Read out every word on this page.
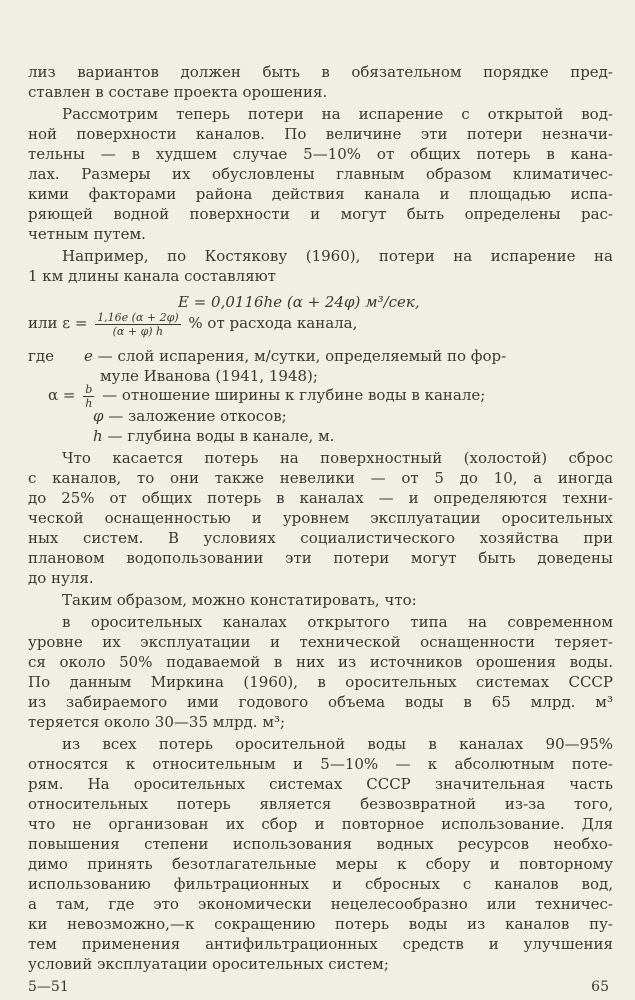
лиз вариантов должен быть в обязательном порядке пред-
ставлен в составе проекта орошения.
Рассмотрим теперь потери на испарение с открытой вод-
ной поверхности каналов. По величине эти потери незначи-
тельны — в худшем случае 5—10% от общих потерь в кана-
лах. Размеры их обусловлены главным образом климатичес-
кими факторами района действия канала и площадью испа-
ряющей водной поверхности и могут быть определены рас-
четным путем.
Например, по Костякову (1960), потери на испарение на
1 км длины канала составляют
E = 0,0116he (α + 24φ) м³/сек,
или $\varepsilon = \frac{1,16e (\alpha + 2\varphi)}{(\alpha + \varphi) h}$ % от расхода канала,
где e — слой испарения, м/сутки, определяемый по фор-
муле Иванова (1941, 1948);
$\alpha = \frac{b}{h}$ — отношение ширины к глубине воды в канале;
φ — заложение откосов;
h — глубина воды в канале, м.
Что касается потерь на поверхностный (холостой) сброс
с каналов, то они также невелики — от 5 до 10, а иногда
до 25% от общих потерь в каналах — и определяются техни-
ческой оснащенностью и уровнем эксплуатации оросительных
ных систем. В условиях социалистического хозяйства при
плановом водопользовании эти потери могут быть доведены
до нуля.
Таким образом, можно констатировать, что:
в оросительных каналах открытого типа на современном
уровне их эксплуатации и технической оснащенности теряет-
ся около 50% подаваемой в них из источников орошения воды.
По данным Миркина (1960), в оросительных системах СССР
из забираемого ими годового объема воды в 65 млрд. м³
теряется около 30—35 млрд. м³;
из всех потерь оросительной воды в каналах 90—95%
относятся к относительным и 5—10% — к абсолютным поте-
рям. На оросительных системах СССР значительная часть
относительных потерь является безвозвратной из-за того,
что не организован их сбор и повторное использование. Для
повышения степени использования водных ресурсов необхо-
димо принять безотлагательные меры к сбору и повторному
использованию фильтрационных и сбросных с каналов вод,
а там, где это экономически нецелесообразно или техничес-
ки невозможно,—к сокращению потерь воды из каналов пу-
тем применения антифильтрационных средств и улучшения
условий эксплуатации оросительных систем;
5—51	65
